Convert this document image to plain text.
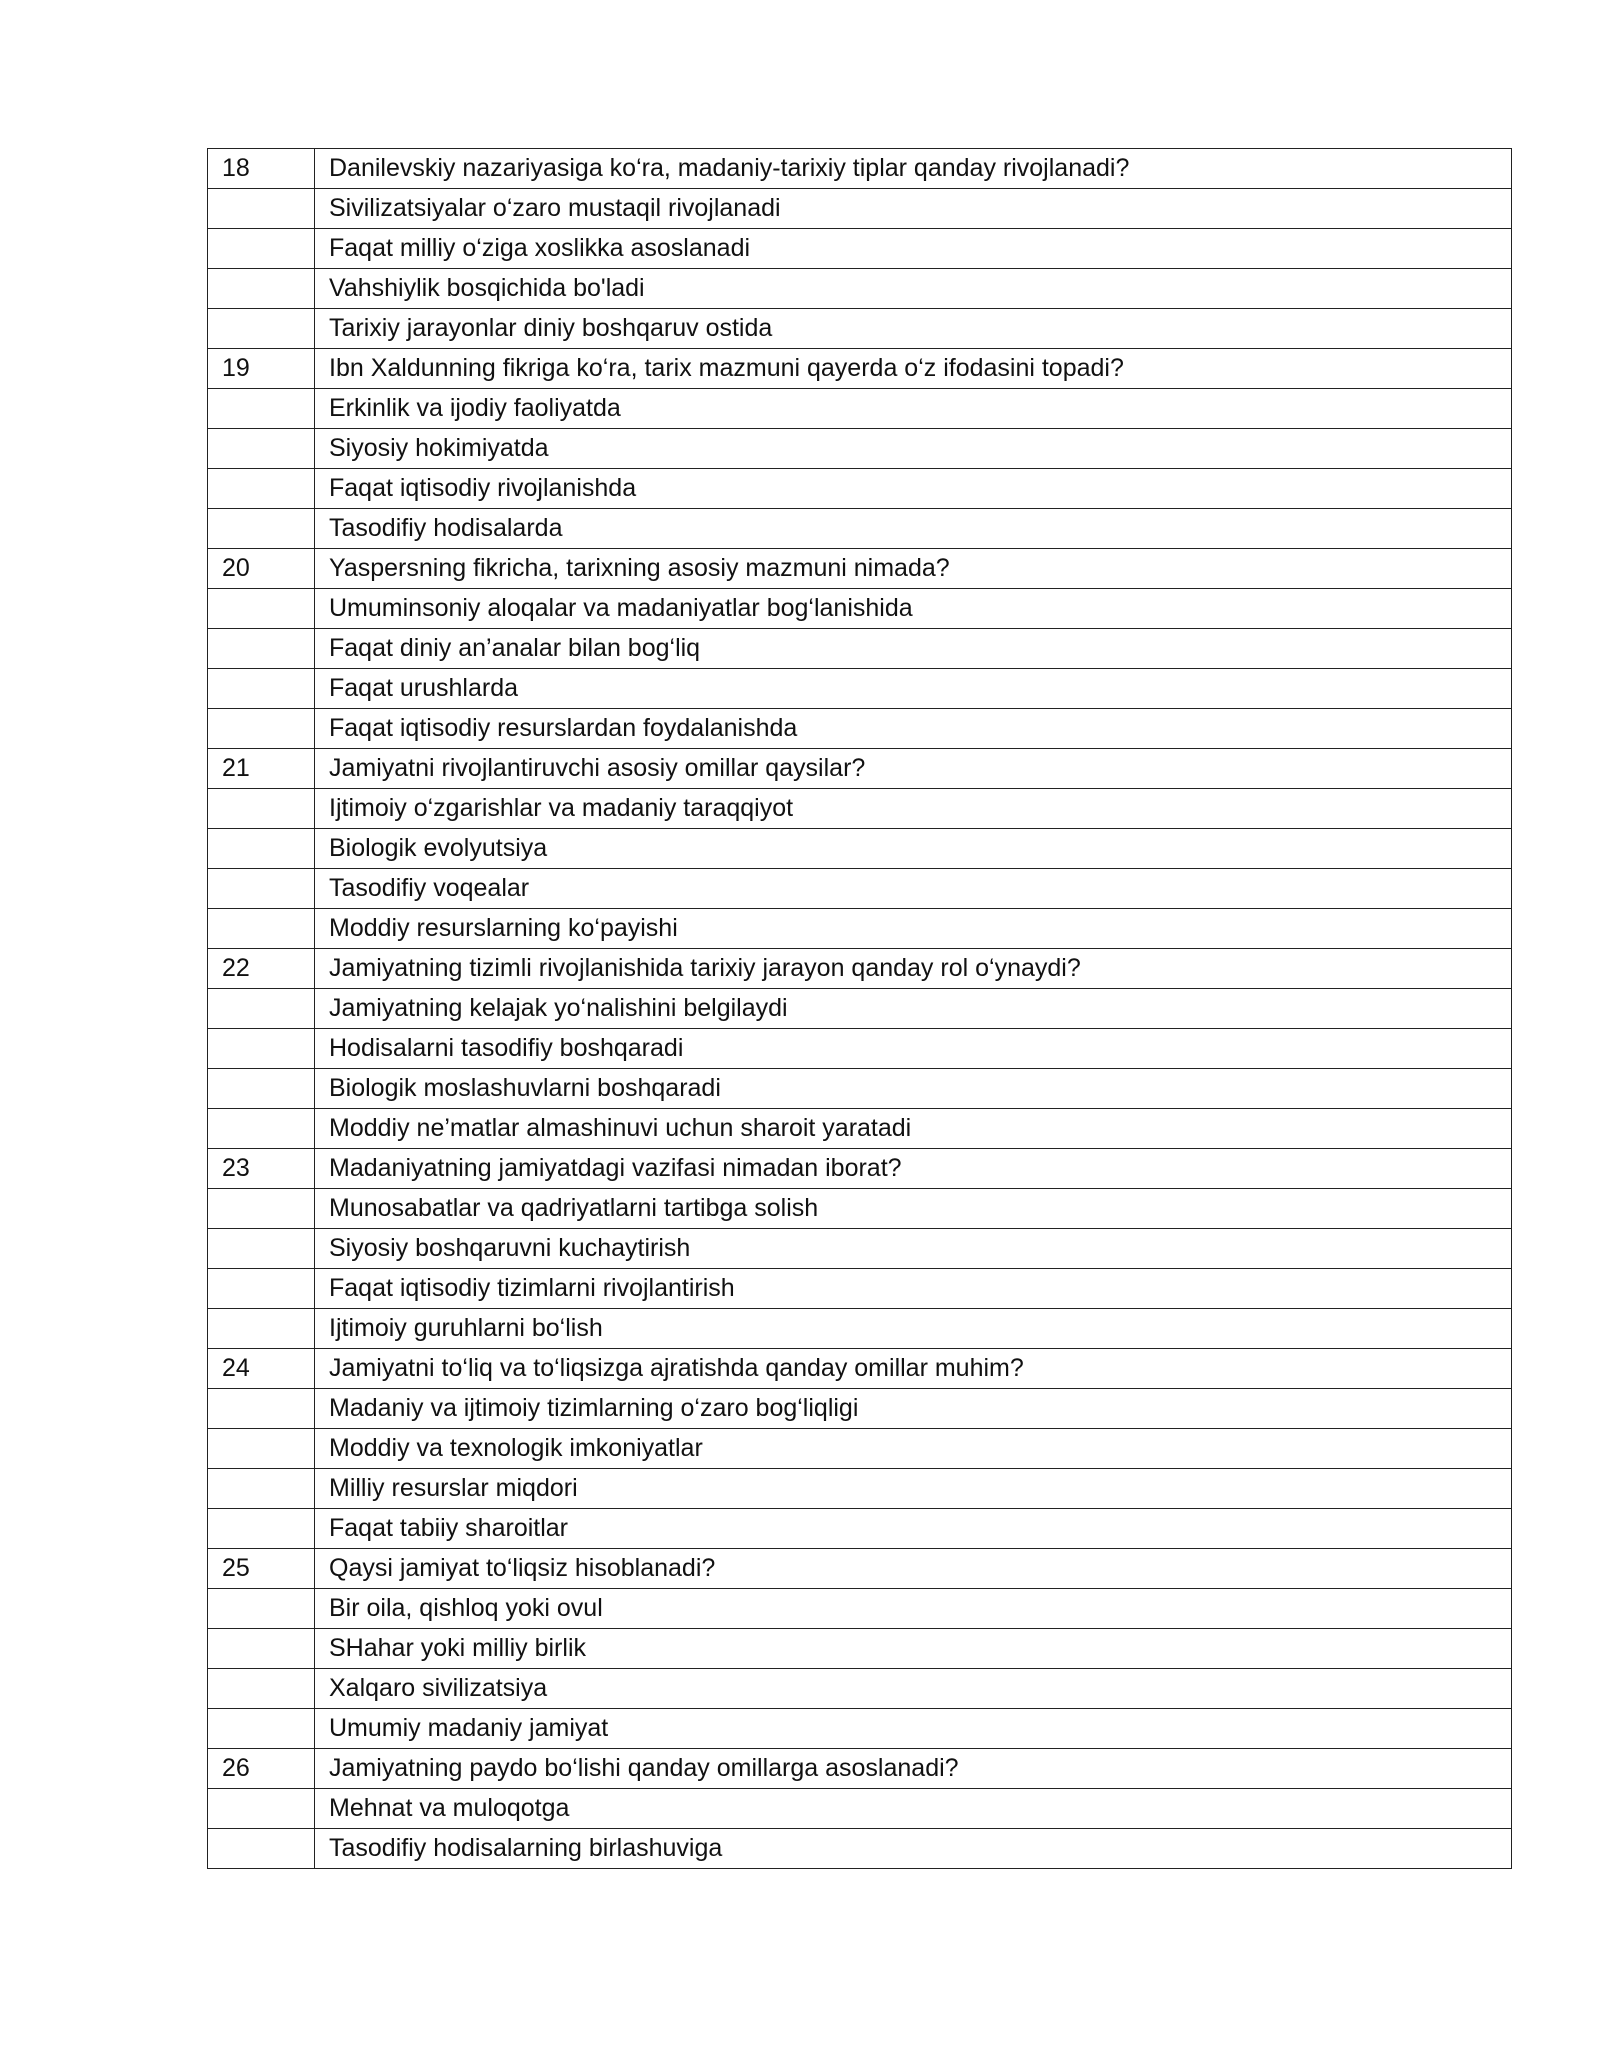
18	Danilevskiy nazariyasiga ko‘ra, madaniy-tarixiy tiplar qanday rivojlanadi?
	Sivilizatsiyalar o‘zaro mustaqil rivojlanadi
	Faqat milliy o‘ziga xoslikka asoslanadi
	Vahshiylik bosqichida bo'ladi
	Tarixiy jarayonlar diniy boshqaruv ostida
19	Ibn Xaldunning fikriga ko‘ra, tarix mazmuni qayerda o‘z ifodasini topadi?
	Erkinlik va ijodiy faoliyatda
	Siyosiy hokimiyatda
	Faqat iqtisodiy rivojlanishda
	Tasodifiy hodisalarda
20	Yaspersning fikricha, tarixning asosiy mazmuni nimada?
	Umuminsoniy aloqalar va madaniyatlar bog‘lanishida
	Faqat diniy an’analar bilan bog‘liq
	Faqat urushlarda
	Faqat iqtisodiy resurslardan foydalanishda
21	Jamiyatni rivojlantiruvchi asosiy omillar qaysilar?
	Ijtimoiy o‘zgarishlar va madaniy taraqqiyot
	Biologik evolyutsiya
	Tasodifiy voqealar
	Moddiy resurslarning ko‘payishi
22	Jamiyatning tizimli rivojlanishida tarixiy jarayon qanday rol o‘ynaydi?
	Jamiyatning kelajak yo‘nalishini belgilaydi
	Hodisalarni tasodifiy boshqaradi
	Biologik moslashuvlarni boshqaradi
	Moddiy ne’matlar almashinuvi uchun sharoit yaratadi
23	Madaniyatning jamiyatdagi vazifasi nimadan iborat?
	Munosabatlar va qadriyatlarni tartibga solish
	Siyosiy boshqaruvni kuchaytirish
	Faqat iqtisodiy tizimlarni rivojlantirish
	Ijtimoiy guruhlarni bo‘lish
24	Jamiyatni to‘liq va to‘liqsizga ajratishda qanday omillar muhim?
	Madaniy va ijtimoiy tizimlarning o‘zaro bog‘liqligi
	Moddiy va texnologik imkoniyatlar
	Milliy resurslar miqdori
	Faqat tabiiy sharoitlar
25	Qaysi jamiyat to‘liqsiz hisoblanadi?
	Bir oila, qishloq yoki ovul
	SHahar yoki milliy birlik
	Xalqaro sivilizatsiya
	Umumiy madaniy jamiyat
26	Jamiyatning paydo bo‘lishi qanday omillarga asoslanadi?
	Mehnat va muloqotga
	Tasodifiy hodisalarning birlashuviga
